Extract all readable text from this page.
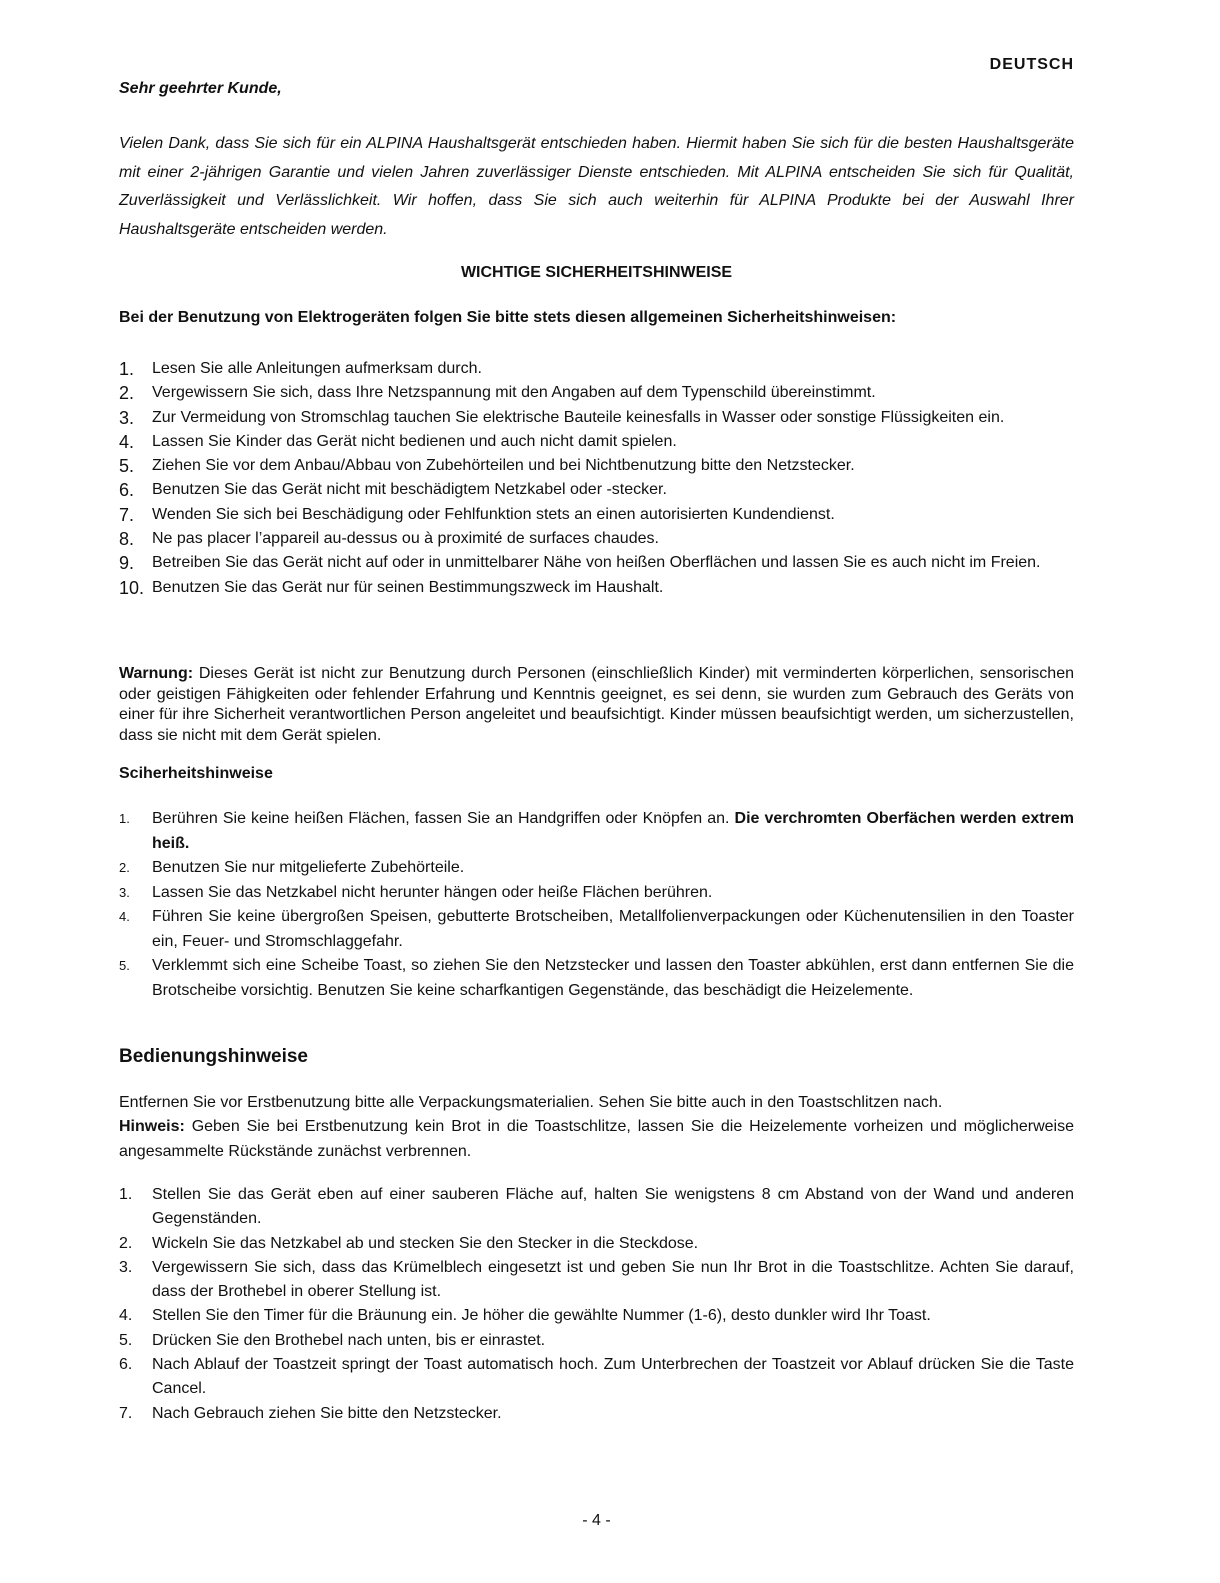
DEUTSCH
Sehr geehrter Kunde,

Vielen Dank, dass Sie sich für ein ALPINA Haushaltsgerät entschieden haben. Hiermit haben Sie sich für die besten Haushaltsgeräte mit einer 2-jährigen Garantie und vielen Jahren zuverlässiger Dienste entschieden. Mit ALPINA entscheiden Sie sich für Qualität, Zuverlässigkeit und Verlässlichkeit. Wir hoffen, dass Sie sich auch weiterhin für ALPINA Produkte bei der Auswahl Ihrer Haushaltsgeräte entscheiden werden.

WICHTIGE SICHERHEITSHINWEISE
Bei der Benutzung von Elektrogeräten folgen Sie bitte stets diesen allgemeinen Sicherheitshinweisen:
1. Lesen Sie alle Anleitungen aufmerksam durch.
2. Vergewissern Sie sich, dass Ihre Netzspannung mit den Angaben auf dem Typenschild übereinstimmt.
3. Zur Vermeidung von Stromschlag tauchen Sie elektrische Bauteile keinesfalls in Wasser oder sonstige Flüssigkeiten ein.
4. Lassen Sie Kinder das Gerät nicht bedienen und auch nicht damit spielen.
5. Ziehen Sie vor dem Anbau/Abbau von Zubehörteilen und bei Nichtbenutzung bitte den Netzstecker.
6. Benutzen Sie das Gerät nicht mit beschädigtem Netzkabel oder -stecker.
7. Wenden Sie sich bei Beschädigung oder Fehlfunktion stets an einen autorisierten Kundendienst.
8. Ne pas placer l’appareil au-dessus ou à proximité de surfaces chaudes.
9. Betreiben Sie das Gerät nicht auf oder in unmittelbarer Nähe von heißen Oberflächen und lassen Sie es auch nicht im Freien.
10. Benutzen Sie das Gerät nur für seinen Bestimmungszweck im Haushalt.

Warnung: Dieses Gerät ist nicht zur Benutzung durch Personen (einschließlich Kinder) mit verminderten körperlichen, sensorischen oder geistigen Fähigkeiten oder fehlender Erfahrung und Kenntnis geeignet, es sei denn, sie wurden zum Gebrauch des Geräts von einer für ihre Sicherheit verantwortlichen Person angeleitet und beaufsichtigt. Kinder müssen beaufsichtigt werden, um sicherzustellen, dass sie nicht mit dem Gerät spielen.

Sciherheitshinweise
1. Berühren Sie keine heißen Flächen, fassen Sie an Handgriffen oder Knöpfen an. Die verchromten Oberfächen werden extrem heiß.
2. Benutzen Sie nur mitgelieferte Zubehörteile.
3. Lassen Sie das Netzkabel nicht herunter hängen oder heiße Flächen berühren.
4. Führen Sie keine übergroßen Speisen, gebutterte Brotscheiben, Metallfolienverpackungen oder Küchenutensilien in den Toaster ein, Feuer- und Stromschlaggefahr.
5. Verklemmt sich eine Scheibe Toast, so ziehen Sie den Netzstecker und lassen den Toaster abkühlen, erst dann entfernen Sie die Brotscheibe vorsichtig. Benutzen Sie keine scharfkantigen Gegenstände, das beschädigt die Heizelemente.
Bedienungshinweise

Entfernen Sie vor Erstbenutzung bitte alle Verpackungsmaterialien. Sehen Sie bitte auch in den Toastschlitzen nach.
Hinweis: Geben Sie bei Erstbenutzung kein Brot in die Toastschlitze, lassen Sie die Heizelemente vorheizen und möglicherweise angesammelte Rückstände zunächst verbrennen.

1. Stellen Sie das Gerät eben auf einer sauberen Fläche auf, halten Sie wenigstens 8 cm Abstand von der Wand und anderen Gegenständen.
2. Wickeln Sie das Netzkabel ab und stecken Sie den Stecker in die Steckdose.
3. Vergewissern Sie sich, dass das Krümelblech eingesetzt ist und geben Sie nun Ihr Brot in die Toastschlitze. Achten Sie darauf, dass der Brothebel in oberer Stellung ist.
4. Stellen Sie den Timer für die Bräunung ein. Je höher die gewählte Nummer (1-6), desto dunkler wird Ihr Toast.
5. Drücken Sie den Brothebel nach unten, bis er einrastet.
6. Nach Ablauf der Toastzeit springt der Toast automatisch hoch. Zum Unterbrechen der Toastzeit vor Ablauf drücken Sie die Taste Cancel.
7. Nach Gebrauch ziehen Sie bitte den Netzstecker.
- 4 -
